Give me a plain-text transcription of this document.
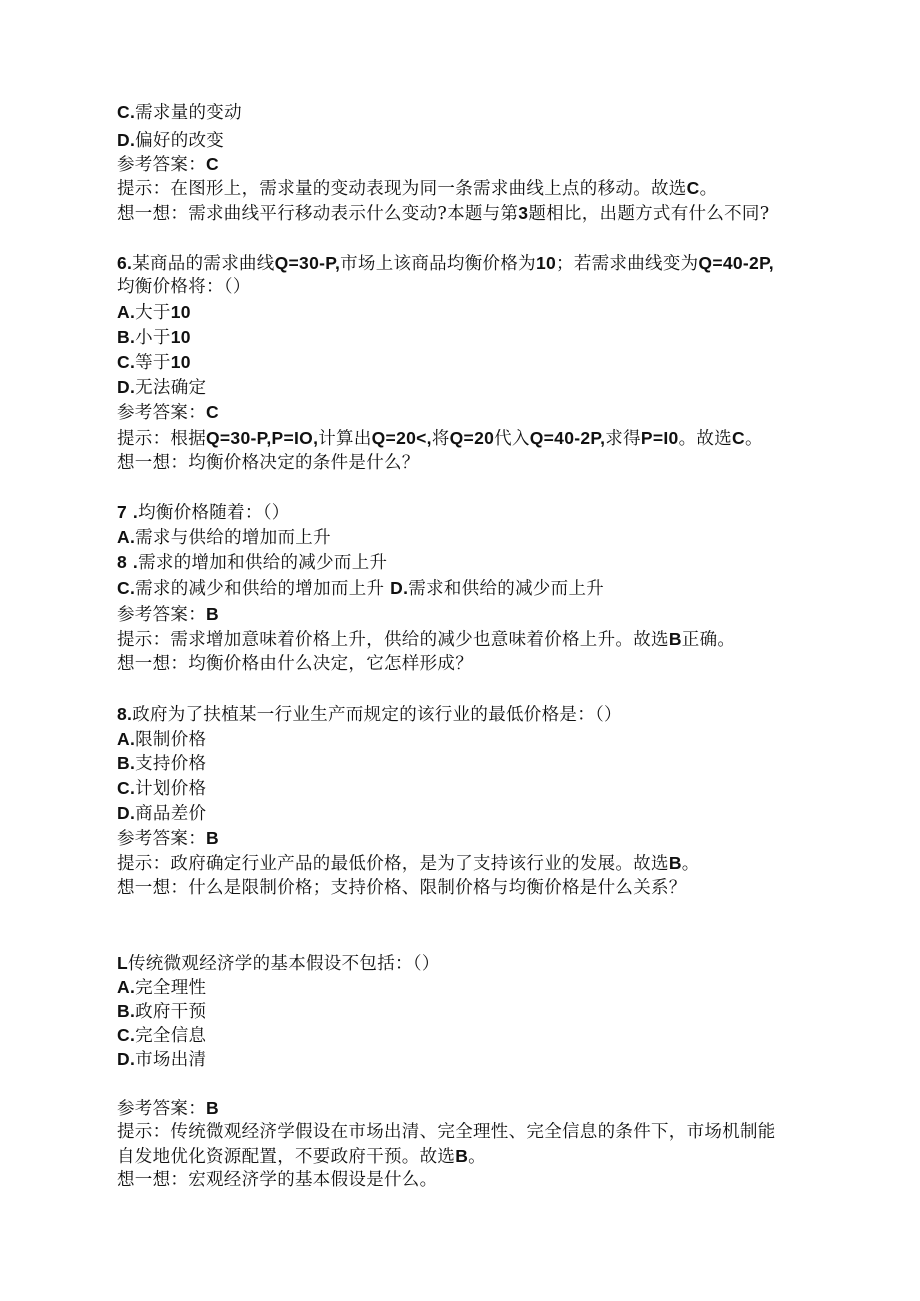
C.需求量的变动
D.偏好的改变
参考答案：C
提示：在图形上，需求量的变动表现为同一条需求曲线上点的移动。故选C。
想一想：需求曲线平行移动表示什么变动?本题与第3题相比，出题方式有什么不同?
6.某商品的需求曲线Q=30-P,市场上该商品均衡价格为10；若需求曲线变为Q=40-2P,
均衡价格将：（）
A.大于10
B.小于10
C.等于10
D.无法确定
参考答案：C
提示：根据Q=30-P,P=IO,计算出Q=20<,将Q=20代入Q=40-2P,求得P=I0。故选C。
想一想：均衡价格决定的条件是什么？
7 .均衡价格随着：（）
A.需求与供给的增加而上升
8 .需求的增加和供给的减少而上升
C.需求的减少和供给的增加而上升 D.需求和供给的减少而上升
参考答案：B
提示：需求增加意味着价格上升，供给的减少也意味着价格上升。故选B正确。
想一想：均衡价格由什么决定，它怎样形成？
8.政府为了扶植某一行业生产而规定的该行业的最低价格是：（）
A.限制价格
B.支持价格
C.计划价格
D.商品差价
参考答案：B
提示：政府确定行业产品的最低价格，是为了支持该行业的发展。故选B。
想一想：什么是限制价格；支持价格、限制价格与均衡价格是什么关系？
L传统微观经济学的基本假设不包括：（）
A.完全理性
B.政府干预
C.完全信息
D.市场出清
参考答案：B
提示：传统微观经济学假设在市场出清、完全理性、完全信息的条件下，市场机制能
自发地优化资源配置，不要政府干预。故选B。
想一想：宏观经济学的基本假设是什么。
